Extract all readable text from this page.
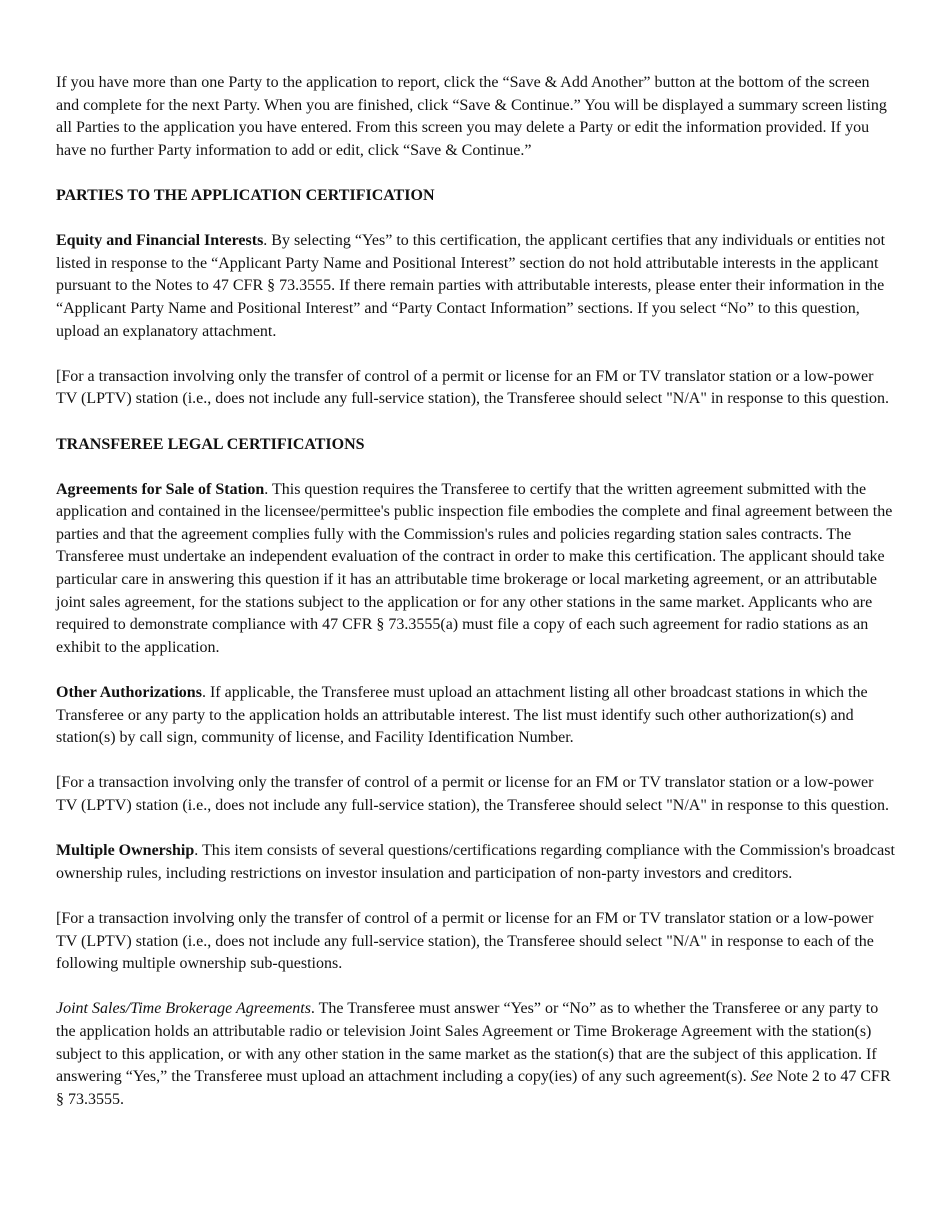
If you have more than one Party to the application to report, click the “Save & Add Another” button at the bottom of the screen and complete for the next Party. When you are finished, click “Save & Continue.” You will be displayed a summary screen listing all Parties to the application you have entered. From this screen you may delete a Party or edit the information provided. If you have no further Party information to add or edit, click “Save & Continue.”

PARTIES TO THE APPLICATION CERTIFICATION

Equity and Financial Interests. By selecting “Yes” to this certification, the applicant certifies that any individuals or entities not listed in response to the “Applicant Party Name and Positional Interest” section do not hold attributable interests in the applicant pursuant to the Notes to 47 CFR § 73.3555. If there remain parties with attributable interests, please enter their information in the “Applicant Party Name and Positional Interest” and “Party Contact Information” sections. If you select “No” to this question, upload an explanatory attachment.

[For a transaction involving only the transfer of control of a permit or license for an FM or TV translator station or a low-power TV (LPTV) station (i.e., does not include any full-service station), the Transferee should select "N/A" in response to this question.

TRANSFEREE LEGAL CERTIFICATIONS

Agreements for Sale of Station. This question requires the Transferee to certify that the written agreement submitted with the application and contained in the licensee/permittee's public inspection file embodies the complete and final agreement between the parties and that the agreement complies fully with the Commission's rules and policies regarding station sales contracts. The Transferee must undertake an independent evaluation of the contract in order to make this certification. The applicant should take particular care in answering this question if it has an attributable time brokerage or local marketing agreement, or an attributable joint sales agreement, for the stations subject to the application or for any other stations in the same market. Applicants who are required to demonstrate compliance with 47 CFR § 73.3555(a) must file a copy of each such agreement for radio stations as an exhibit to the application.

Other Authorizations. If applicable, the Transferee must upload an attachment listing all other broadcast stations in which the Transferee or any party to the application holds an attributable interest. The list must identify such other authorization(s) and station(s) by call sign, community of license, and Facility Identification Number.

[For a transaction involving only the transfer of control of a permit or license for an FM or TV translator station or a low-power TV (LPTV) station (i.e., does not include any full-service station), the Transferee should select "N/A" in response to this question.

Multiple Ownership. This item consists of several questions/certifications regarding compliance with the Commission's broadcast ownership rules, including restrictions on investor insulation and participation of non-party investors and creditors.

[For a transaction involving only the transfer of control of a permit or license for an FM or TV translator station or a low-power TV (LPTV) station (i.e., does not include any full-service station), the Transferee should select "N/A" in response to each of the following multiple ownership sub-questions.

Joint Sales/Time Brokerage Agreements. The Transferee must answer “Yes” or “No” as to whether the Transferee or any party to the application holds an attributable radio or television Joint Sales Agreement or Time Brokerage Agreement with the station(s) subject to this application, or with any other station in the same market as the station(s) that are the subject of this application. If answering “Yes,” the Transferee must upload an attachment including a copy(ies) of any such agreement(s). See Note 2 to 47 CFR § 73.3555.
